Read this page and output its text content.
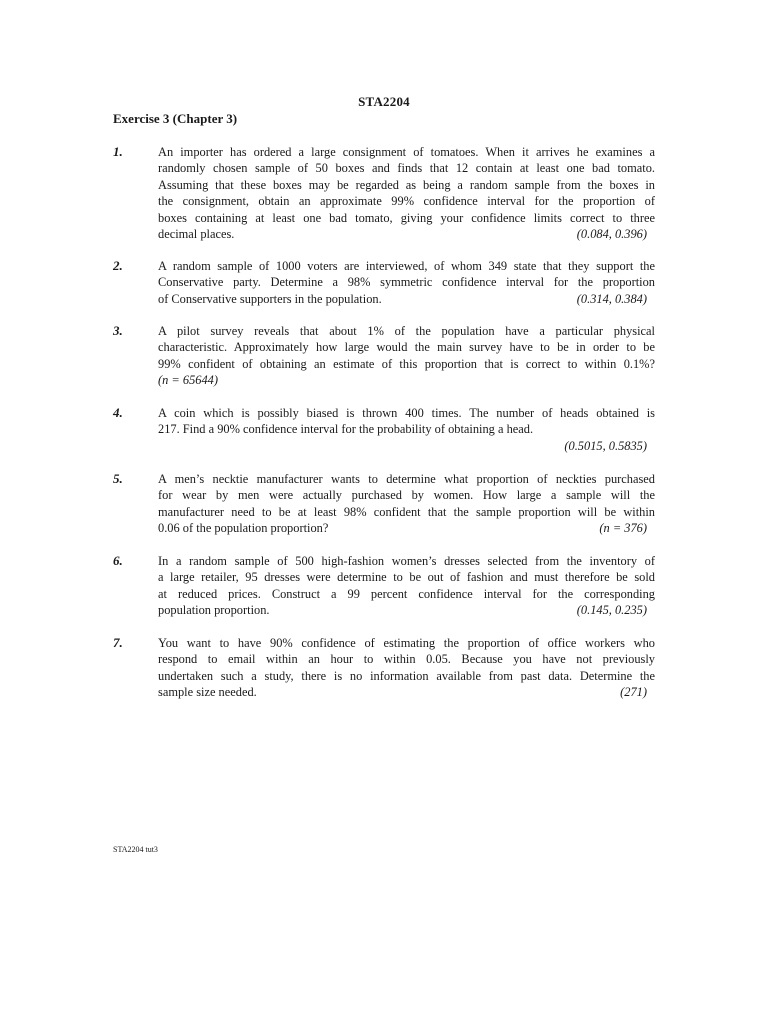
STA2204
Exercise 3 (Chapter 3)
1.	An importer has ordered a large consignment of tomatoes. When it arrives he examines a
randomly chosen sample of 50 boxes and finds that 12 contain at least one bad tomato.
Assuming that these boxes may be regarded as being a random sample from the boxes in
the consignment, obtain an approximate 99% confidence interval for the proportion of
boxes containing at least one bad tomato, giving your confidence limits correct to three
decimal places.	(0.084, 0.396)
2.	A random sample of 1000 voters are interviewed, of whom 349 state that they support the
Conservative party. Determine a 98% symmetric confidence interval for the proportion
of Conservative supporters in the population.	(0.314, 0.384)
3.	A pilot survey reveals that about 1% of the population have a particular physical
characteristic. Approximately how large would the main survey have to be in order to be
99% confident of obtaining an estimate of this proportion that is correct to within 0.1%?
(n = 65644)
4.	A coin which is possibly biased is thrown 400 times. The number of heads obtained is
217. Find a 90% confidence interval for the probability of obtaining a head.
(0.5015, 0.5835)
5.	A men’s necktie manufacturer wants to determine what proportion of neckties purchased
for wear by men were actually purchased by women. How large a sample will the
manufacturer need to be at least 98% confident that the sample proportion will be within
0.06 of the population proportion?	(n = 376)
6.	In a random sample of 500 high-fashion women’s dresses selected from the inventory of
a large retailer, 95 dresses were determine to be out of fashion and must therefore be sold
at reduced prices. Construct a 99 percent confidence interval for the corresponding
population proportion.	(0.145, 0.235)
7.	You want to have 90% confidence of estimating the proportion of office workers who
respond to email within an hour to within 0.05. Because you have not previously
undertaken such a study, there is no information available from past data. Determine the
sample size needed.	(271)
STA2204 tut3
